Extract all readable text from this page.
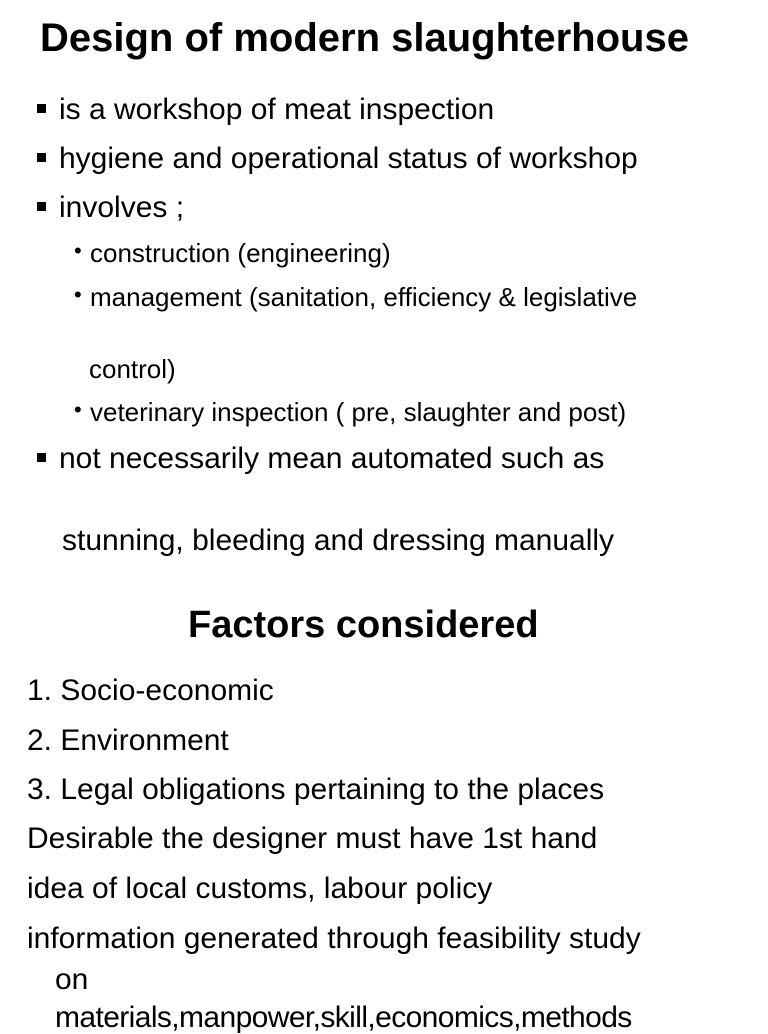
Design of modern slaughterhouse
is a workshop of meat inspection
hygiene and operational status of workshop
involves ;
• construction (engineering)
• management (sanitation, efficiency & legislative
control)
• veterinary inspection ( pre, slaughter and post)
not necessarily mean automated such as
stunning, bleeding and dressing manually
Factors considered
1. Socio-economic
2. Environment
3. Legal obligations pertaining to the places
Desirable the designer must have 1st hand
idea of local customs, labour policy
information generated through feasibility study
on
materials,manpower,skill,economics,methods
